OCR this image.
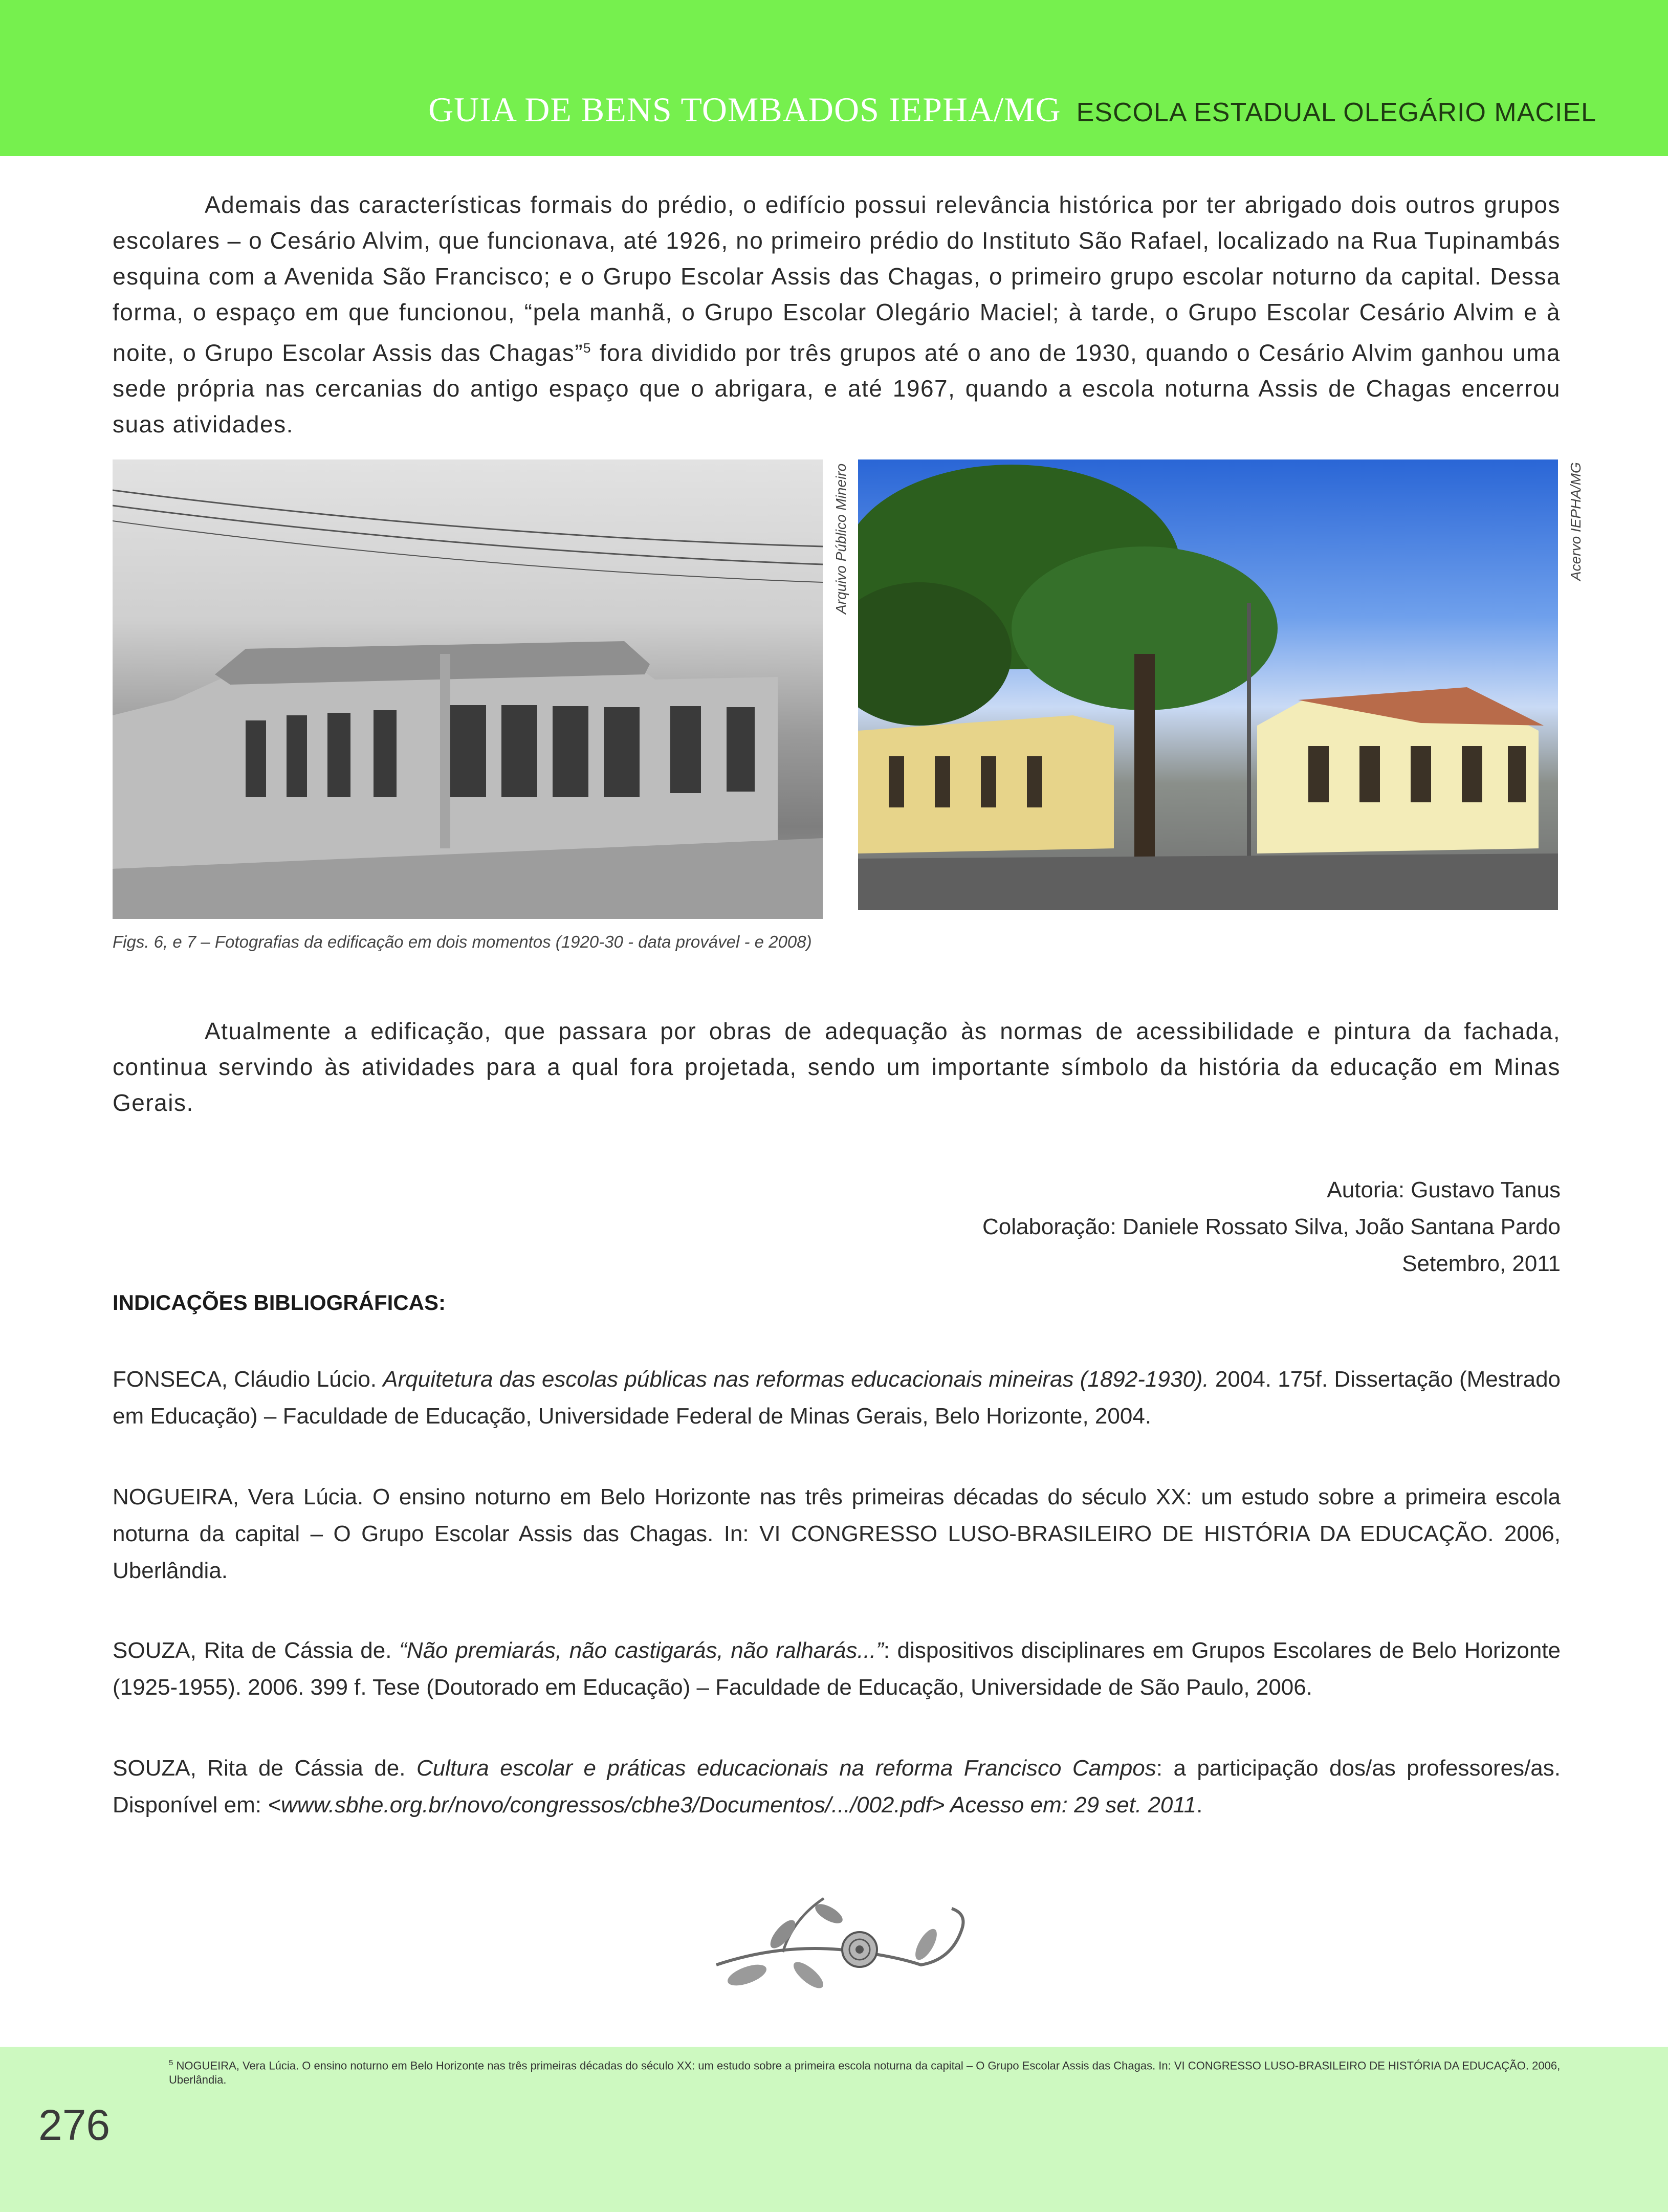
GUIA DE BENS TOMBADOS IEPHA/MG ESCOLA ESTADUAL OLEGÁRIO MACIEL

Ademais das características formais do prédio, o edifício possui relevância histórica por ter abrigado dois outros grupos escolares – o Cesário Alvim, que funcionava, até 1926, no primeiro prédio do Instituto São Rafael, localizado na Rua Tupinambás esquina com a Avenida São Francisco; e o Grupo Escolar Assis das Chagas, o primeiro grupo escolar noturno da capital. Dessa forma, o espaço em que funcionou, “pela manhã, o Grupo Escolar Olegário Maciel; à tarde, o Grupo Escolar Cesário Alvim e à noite, o Grupo Escolar Assis das Chagas”$^5$ fora dividido por três grupos até o ano de 1930, quando o Cesário Alvim ganhou uma sede própria nas cercanias do antigo espaço que o abrigara, e até 1967, quando a escola noturna Assis de Chagas encerrou suas atividades.

Arquivo Público Mineiro	Acervo IEPHA/MG
Figs. 6, e 7 – Fotografias da edificação em dois momentos (1920-30 - data provável - e 2008)

Atualmente a edificação, que passara por obras de adequação às normas de acessibilidade e pintura da fachada, continua servindo às atividades para a qual fora projetada, sendo um importante símbolo da história da educação em Minas Gerais.

Autoria: Gustavo Tanus
Colaboração: Daniele Rossato Silva, João Santana Pardo
Setembro, 2011
INDICAÇÕES BIBLIOGRÁFICAS:
FONSECA, Cláudio Lúcio. Arquitetura das escolas públicas nas reformas educacionais mineiras (1892-1930). 2004. 175f. Dissertação (Mestrado em Educação) – Faculdade de Educação, Universidade Federal de Minas Gerais, Belo Horizonte, 2004.
NOGUEIRA, Vera Lúcia. O ensino noturno em Belo Horizonte nas três primeiras décadas do século XX: um estudo sobre a primeira escola noturna da capital – O Grupo Escolar Assis das Chagas. In: VI CONGRESSO LUSO-BRASILEIRO DE HISTÓRIA DA EDUCAÇÃO. 2006, Uberlândia.
SOUZA, Rita de Cássia de. “Não premiarás, não castigarás, não ralharás...”: dispositivos disciplinares em Grupos Escolares de Belo Horizonte (1925-1955). 2006. 399 f. Tese (Doutorado em Educação) – Faculdade de Educação, Universidade de São Paulo, 2006.
SOUZA, Rita de Cássia de. Cultura escolar e práticas educacionais na reforma Francisco Campos: a participação dos/as professores/as. Disponível em: <www.sbhe.org.br/novo/congressos/cbhe3/Documentos/.../002.pdf> Acesso em: 29 set. 2011.
$^5$ NOGUEIRA, Vera Lúcia. O ensino noturno em Belo Horizonte nas três primeiras décadas do século XX: um estudo sobre a primeira escola noturna da capital – O Grupo Escolar Assis das Chagas. In: VI CONGRESSO LUSO-BRASILEIRO DE HISTÓRIA DA EDUCAÇÃO. 2006, Uberlândia.
276
